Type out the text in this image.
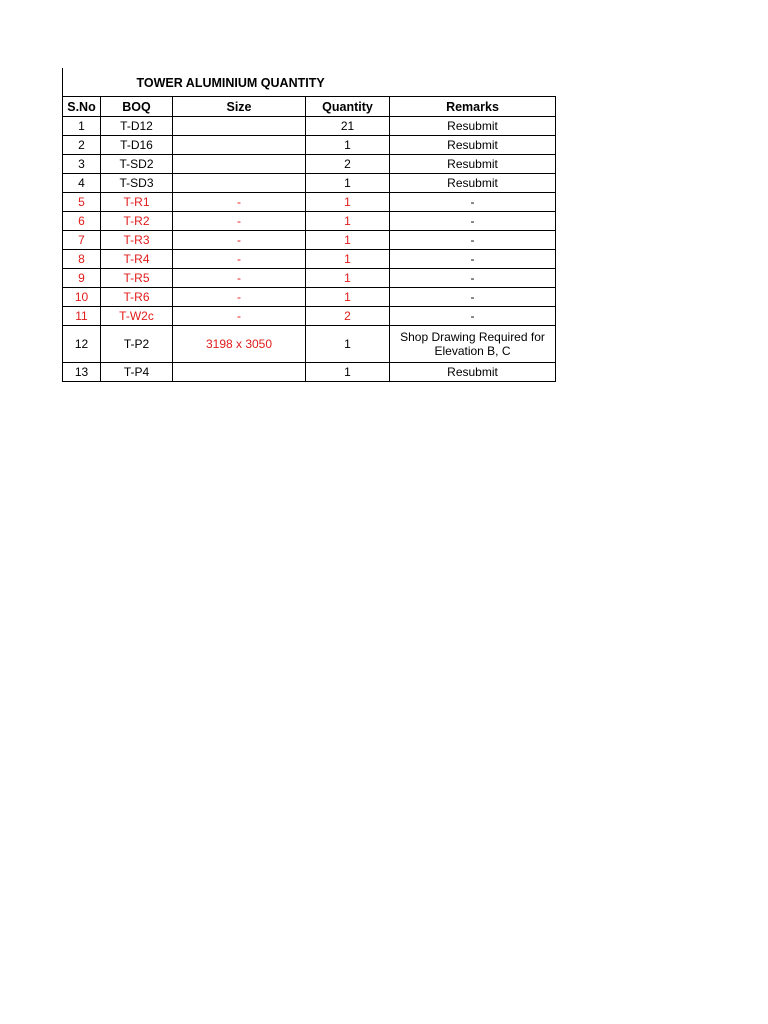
	TOWER ALUMINIUM QUANTITY			
S.No	BOQ	Size	Quantity	Remarks
1	T-D12		21	Resubmit
2	T-D16		1	Resubmit
3	T-SD2		2	Resubmit
4	T-SD3		1	Resubmit
5	T-R1	-	1	-
6	T-R2	-	1	-
7	T-R3	-	1	-
8	T-R4	-	1	-
9	T-R5	-	1	-
10	T-R6	-	1	-
11	T-W2c	-	2	-
12	T-P2	3198 x 3050	1	Shop Drawing Required for Elevation B, C
13	T-P4		1	Resubmit
